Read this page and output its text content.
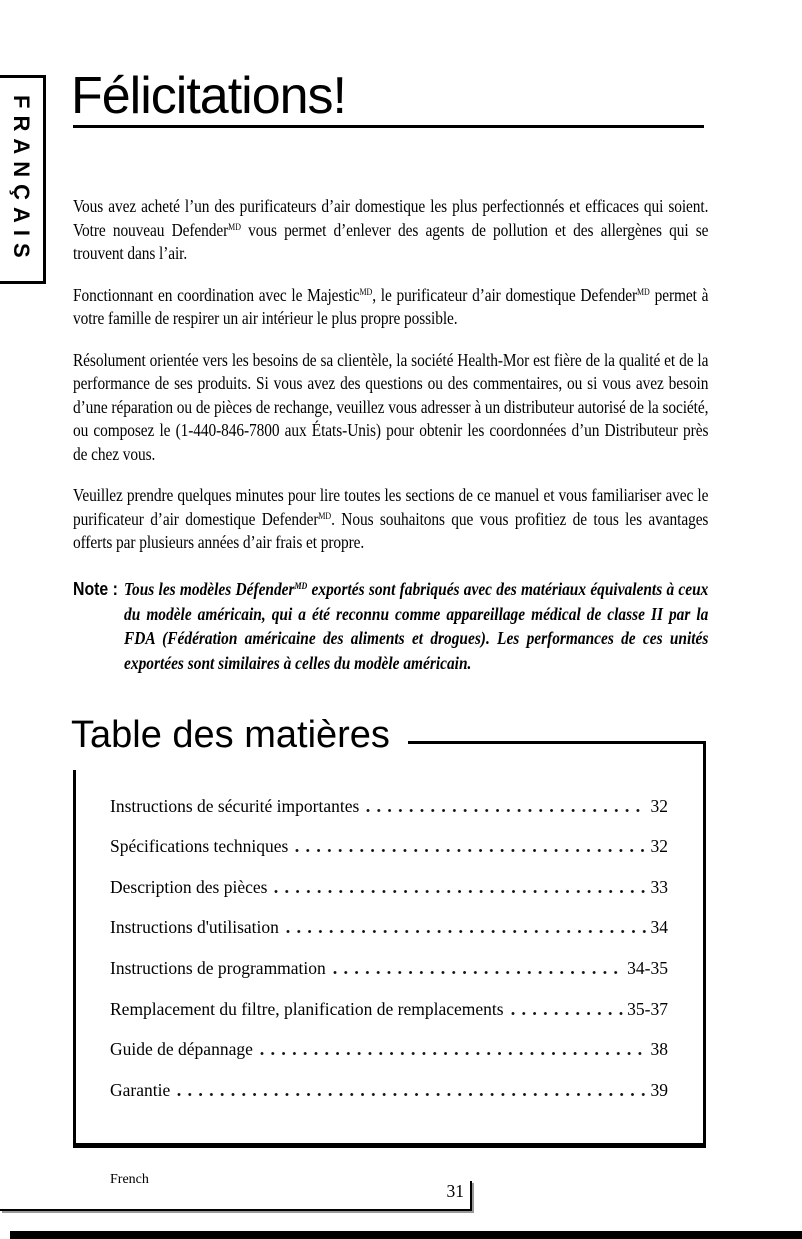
FRANÇAIS Félicitations!

Vous avez acheté l’un des purificateurs d’air domestique les plus perfectionnés et efficaces qui soient. Votre nouveau Defender$^{MD}$ vous permet d’enlever des agents de pollution et des allergènes qui se trouvent dans l’air.

Fonctionnant en coordination avec le Majestic$^{MD}$, le purificateur d’air domestique Defender$^{MD}$ permet à votre famille de respirer un air intérieur le plus propre possible.

Résolument orientée vers les besoins de sa clientèle, la société Health-Mor est fière de la qualité et de la performance de ses produits. Si vous avez des questions ou des commentaires, ou si vous avez besoin d’une réparation ou de pièces de rechange, veuillez vous adresser à un distributeur autorisé de la société, ou composez le (1-440-846-7800 aux États-Unis) pour obtenir les coordonnées d’un Distributeur près de chez vous.

Veuillez prendre quelques minutes pour lire toutes les sections de ce manuel et vous familiariser avec le purificateur d’air domestique Defender$^{MD}$. Nous souhaitons que vous profitiez de tous les avantages offerts par plusieurs années d’air frais et propre.

Note : Tous les modèles Défender$^{MD}$ exportés sont fabriqués avec des matériaux équivalents à ceux du modèle américain, qui a été reconnu comme appareillage médical de classe II par la FDA (Fédération américaine des aliments et drogues). Les performances de ces unités exportées sont similaires à celles du modèle américain.

Table des matières
Instructions de sécurité importantes	32
Spécifications techniques	32
Description des pièces	33
Instructions d'utilisation	34
Instructions de programmation	34-35
Remplacement du filtre, planification de remplacements	35-37
Guide de dépannage	38
Garantie	39
French
31
